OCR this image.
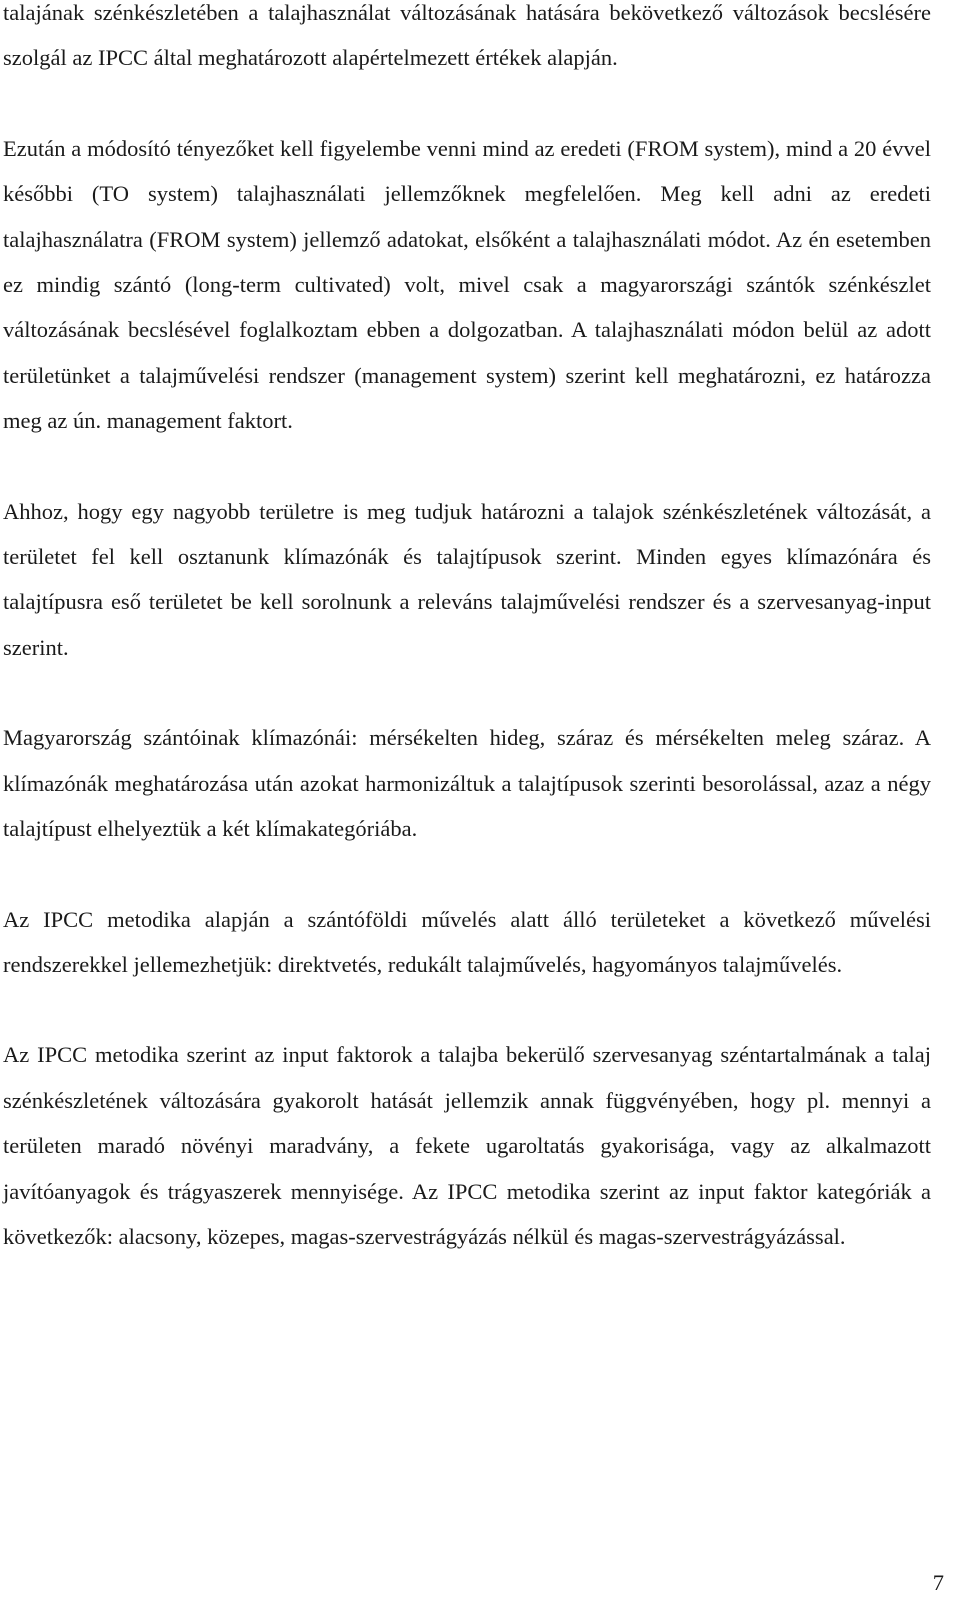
talajának szénkészletében a talajhasználat változásának hatására bekövetkező változások becslésére szolgál az IPCC által meghatározott alapértelmezett értékek alapján.

Ezután a módosító tényezőket kell figyelembe venni mind az eredeti (FROM system), mind a 20 évvel későbbi (TO system) talajhasználati jellemzőknek megfelelően. Meg kell adni az eredeti talajhasználatra (FROM system) jellemző adatokat, elsőként a talajhasználati módot. Az én esetemben ez mindig szántó (long-term cultivated) volt, mivel csak a magyarországi szántók szénkészlet változásának becslésével foglalkoztam ebben a dolgozatban. A talajhasználati módon belül az adott területünket a talajművelési rendszer (management system) szerint kell meghatározni, ez határozza meg az ún. management faktort.

Ahhoz, hogy egy nagyobb területre is meg tudjuk határozni a talajok szénkészletének változását, a területet fel kell osztanunk klímazónák és talajtípusok szerint. Minden egyes klímazónára és talajtípusra eső területet be kell sorolnunk a releváns talajművelési rendszer és a szervesanyag-input szerint.

Magyarország szántóinak klímazónái: mérsékelten hideg, száraz és mérsékelten meleg száraz. A klímazónák meghatározása után azokat harmonizáltuk a talajtípusok szerinti besorolással, azaz a négy talajtípust elhelyeztük a két klímakategóriába.

Az IPCC metodika alapján a szántóföldi művelés alatt álló területeket a következő művelési rendszerekkel jellemezhetjük: direktvetés, redukált talajművelés, hagyományos talajművelés.

Az IPCC metodika szerint az input faktorok a talajba bekerülő szervesanyag széntartalmának a talaj szénkészletének változására gyakorolt hatását jellemzik annak függvényében, hogy pl. mennyi a területen maradó növényi maradvány, a fekete ugaroltatás gyakorisága, vagy az alkalmazott javítóanyagok és trágyaszerek mennyisége. Az IPCC metodika szerint az input faktor kategóriák a következők: alacsony, közepes, magas-szervestrágyázás nélkül és magas-szervestrágyázással.

7
